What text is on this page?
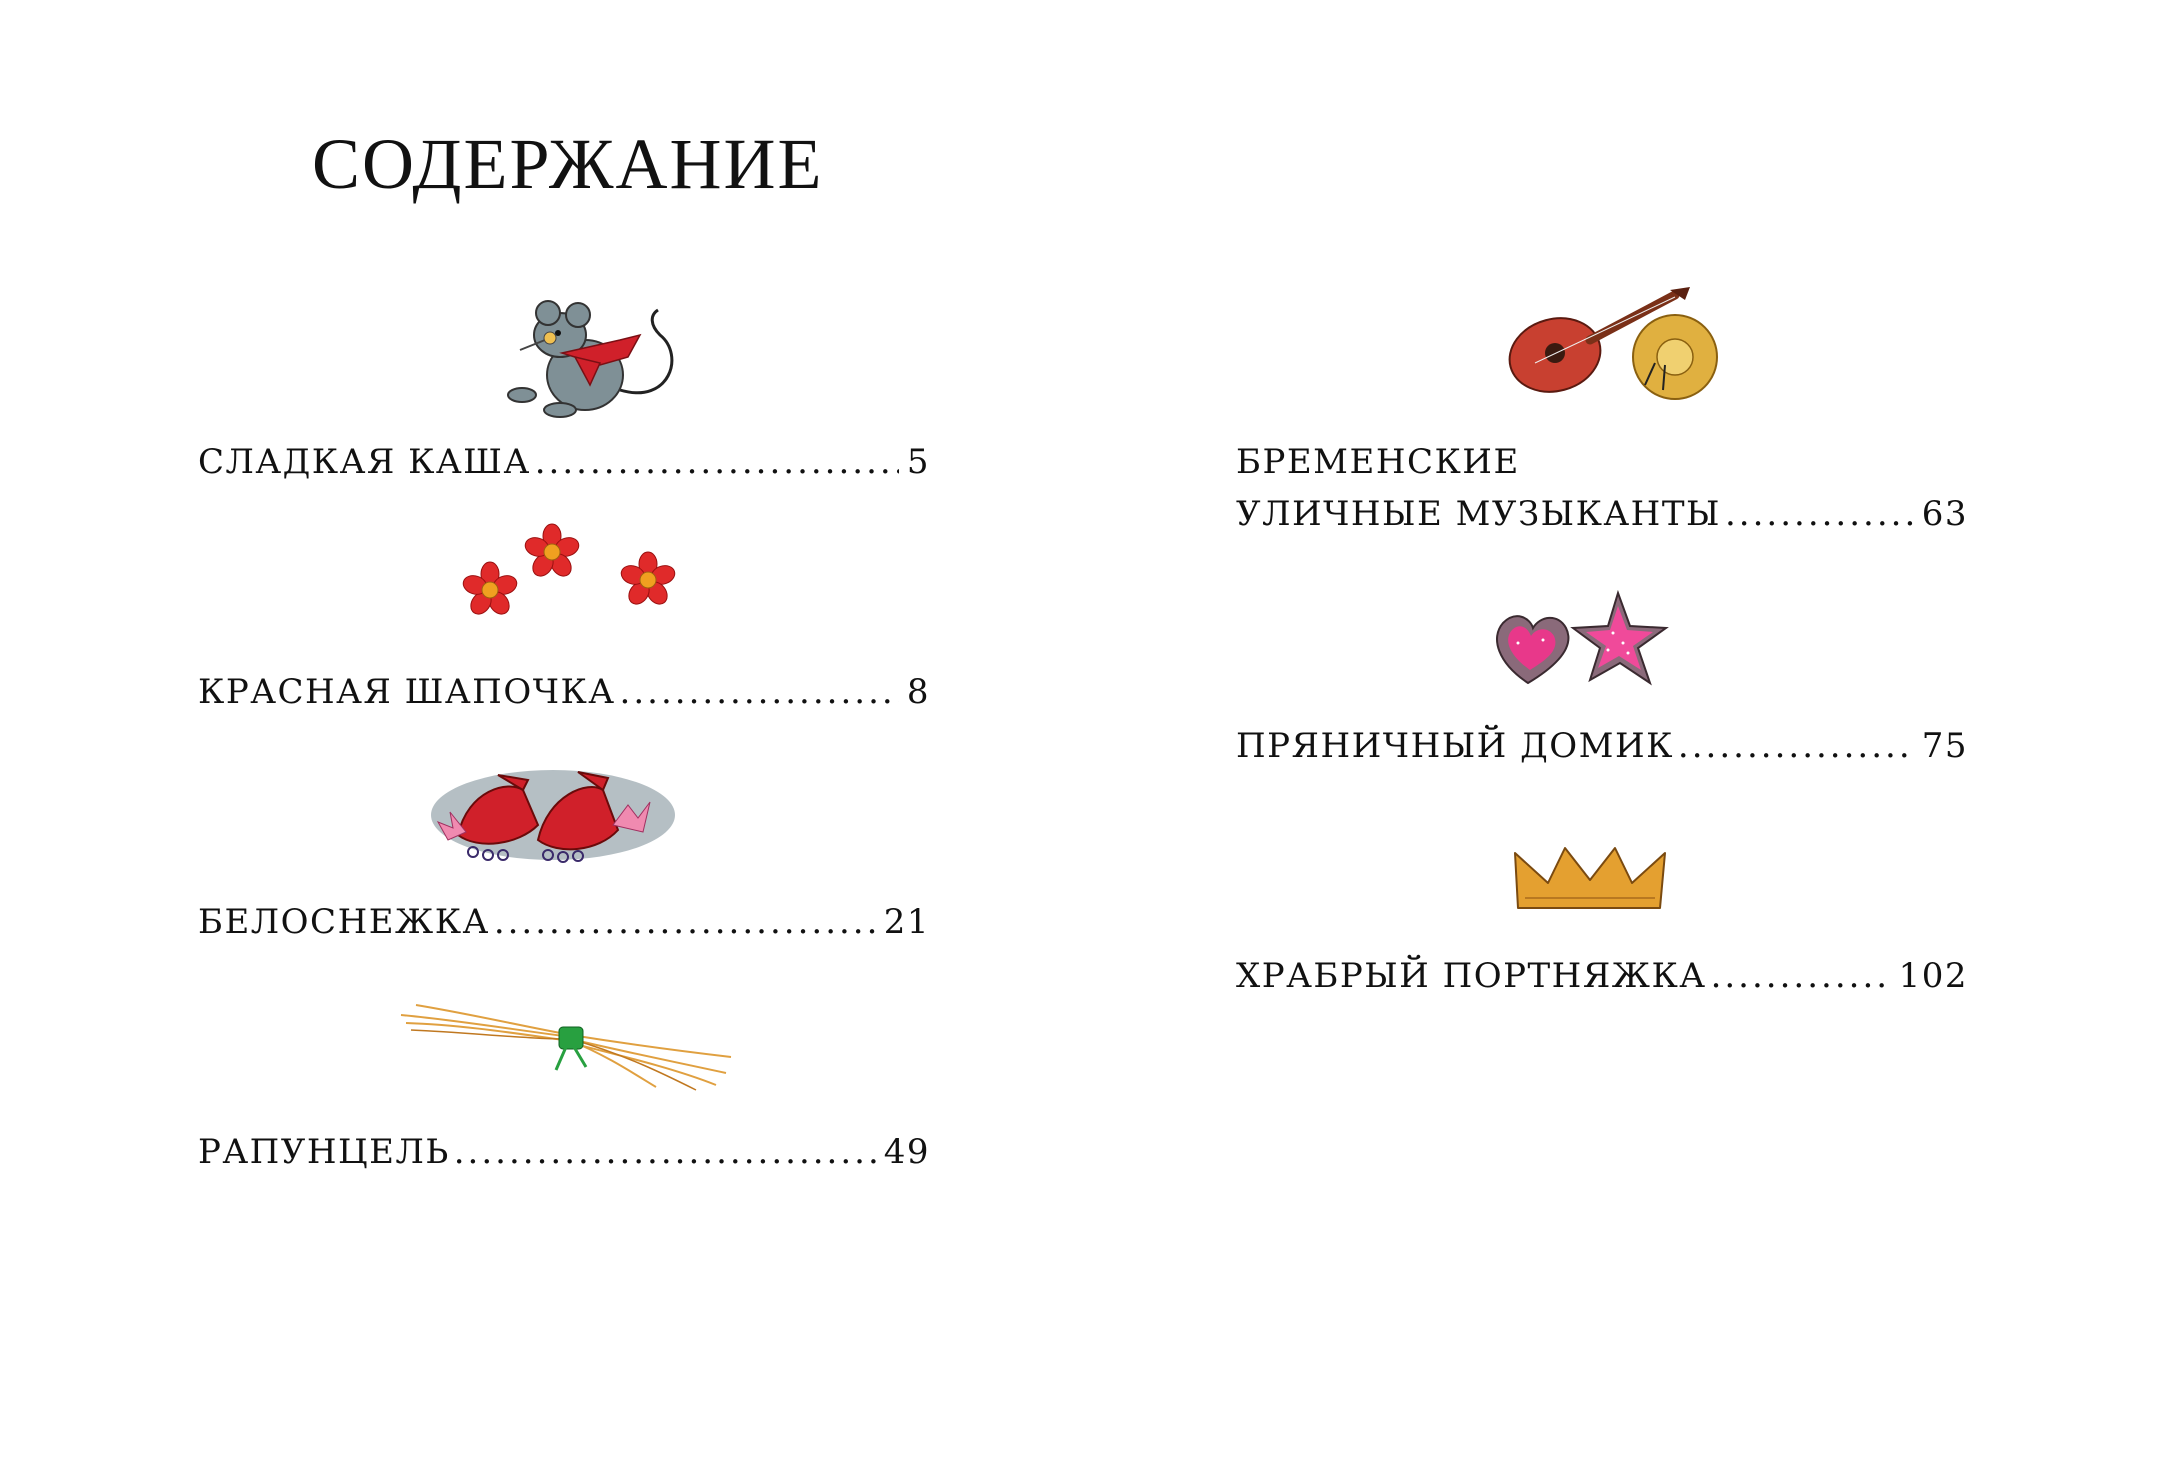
СОДЕРЖАНИЕ
СЛАДКАЯ КАША .....	5
КРАСНАЯ ШАПОЧКА .....	8
БЕЛОСНЕЖКА .....	21
РАПУНЦЕЛЬ .....	49
БРЕМЕНСКИЕ
УЛИЧНЫЕ МУЗЫКАНТЫ .....	63
ПРЯНИЧНЫЙ ДОМИК .....	75
ХРАБРЫЙ ПОРТНЯЖКА .....	102
